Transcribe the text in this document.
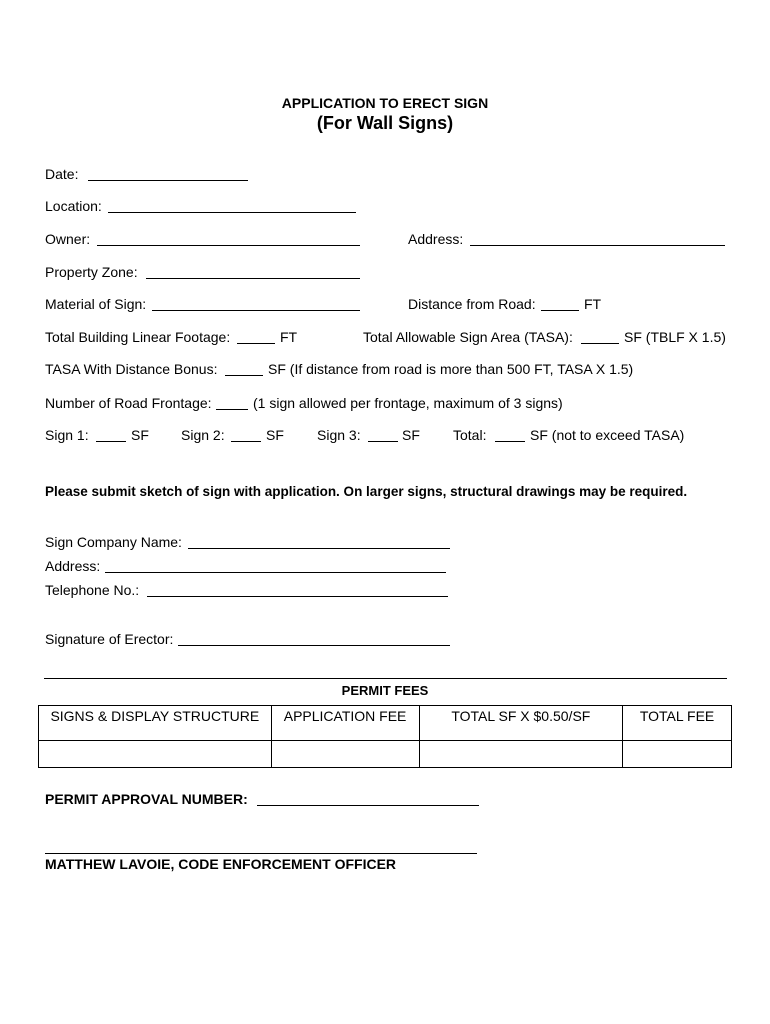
APPLICATION TO ERECT SIGN
(For Wall Signs)
Date:
Location:
Owner:	Address:
Property Zone:
Material of Sign:	Distance from Road:	FT
Total Building Linear Footage:	FT	Total Allowable Sign Area (TASA):	SF (TBLF X 1.5)
TASA With Distance Bonus:	SF (If distance from road is more than 500 FT, TASA X 1.5)
Number of Road Frontage:	(1 sign allowed per frontage, maximum of 3 signs)
Sign 1:	SF Sign 2:	SF Sign 3:	SF Total:	SF (not to exceed TASA)
Please submit sketch of sign with application. On larger signs, structural drawings may be required.
Sign Company Name:
Address:
Telephone No.:
Signature of Erector:
PERMIT FEES
SIGNS & DISPLAY STRUCTURE	APPLICATION FEE	TOTAL SF X $0.50/SF	TOTAL FEE

PERMIT APPROVAL NUMBER:
MATTHEW LAVOIE, CODE ENFORCEMENT OFFICER
